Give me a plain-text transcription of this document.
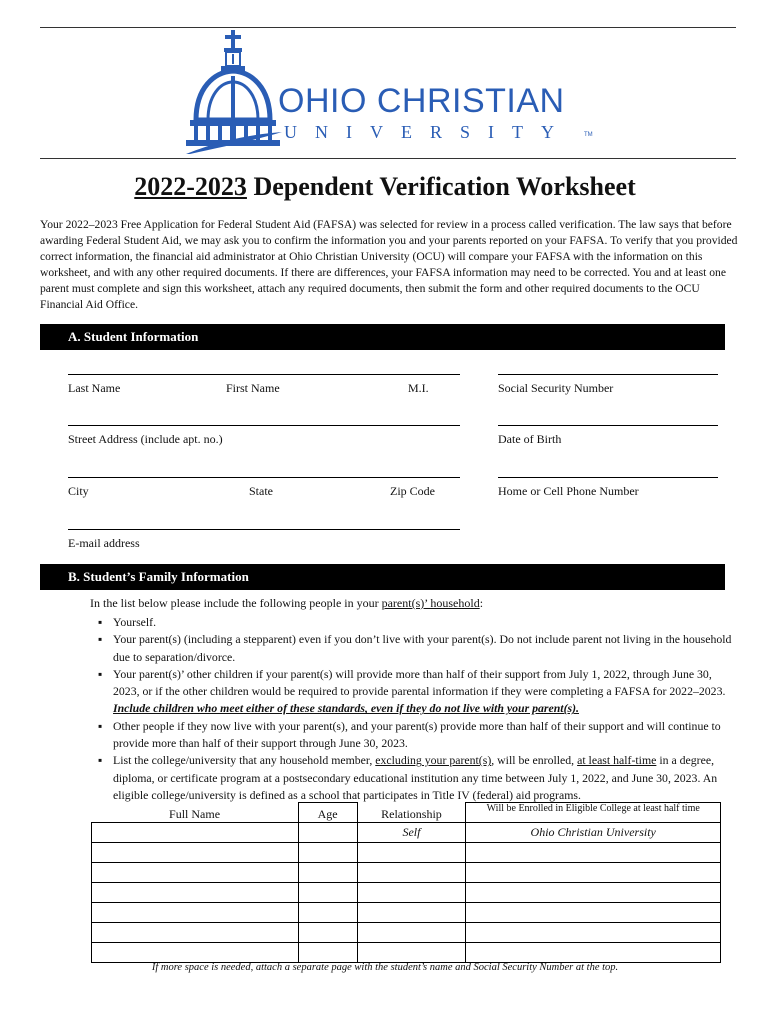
OHIO CHRISTIAN
UNIVERSITY TM
2022-2023 Dependent Verification Worksheet

Your 2022–2023 Free Application for Federal Student Aid (FAFSA) was selected for review in a process called verification. The law says that before awarding Federal Student Aid, we may ask you to confirm the information you and your parents reported on your FAFSA. To verify that you provided correct information, the financial aid administrator at Ohio Christian University (OCU) will compare your FAFSA with the information on this worksheet, and with any other required documents. If there are differences, your FAFSA information may need to be corrected. You and at least one parent must complete and sign this worksheet, attach any required documents, then submit the form and other required documents to the OCU Financial Aid Office.

A. Student Information
Last Name	First Name	M.I.	Social Security Number
Street Address (include apt. no.)	Date of Birth
City	State	Zip Code	Home or Cell Phone Number
E-mail address
B. Student’s Family Information
In the list below please include the following people in your parent(s)’ household:
▪ Yourself.
▪ Your parent(s) (including a stepparent) even if you don’t live with your parent(s). Do not include parent not living in the household due to separation/divorce.
▪ Your parent(s)’ other children if your parent(s) will provide more than half of their support from July 1, 2022, through June 30, 2023, or if the other children would be required to provide parental information if they were completing a FAFSA for 2022–2023. Include children who meet either of these standards, even if they do not live with your parent(s).
▪ Other people if they now live with your parent(s), and your parent(s) provide more than half of their support and will continue to provide more than half of their support through June 30, 2023.
▪ List the college/university that any household member, excluding your parent(s), will be enrolled, at least half-time in a degree, diploma, or certificate program at a postsecondary educational institution any time between July 1, 2022, and June 30, 2023. An eligible college/university is defined as a school that participates in Title IV (federal) aid programs.
Full Name	Age	Relationship	Will be Enrolled in Eligible College at least half time
		Self	Ohio Christian University

If more space is needed, attach a separate page with the student’s name and Social Security Number at the top.
